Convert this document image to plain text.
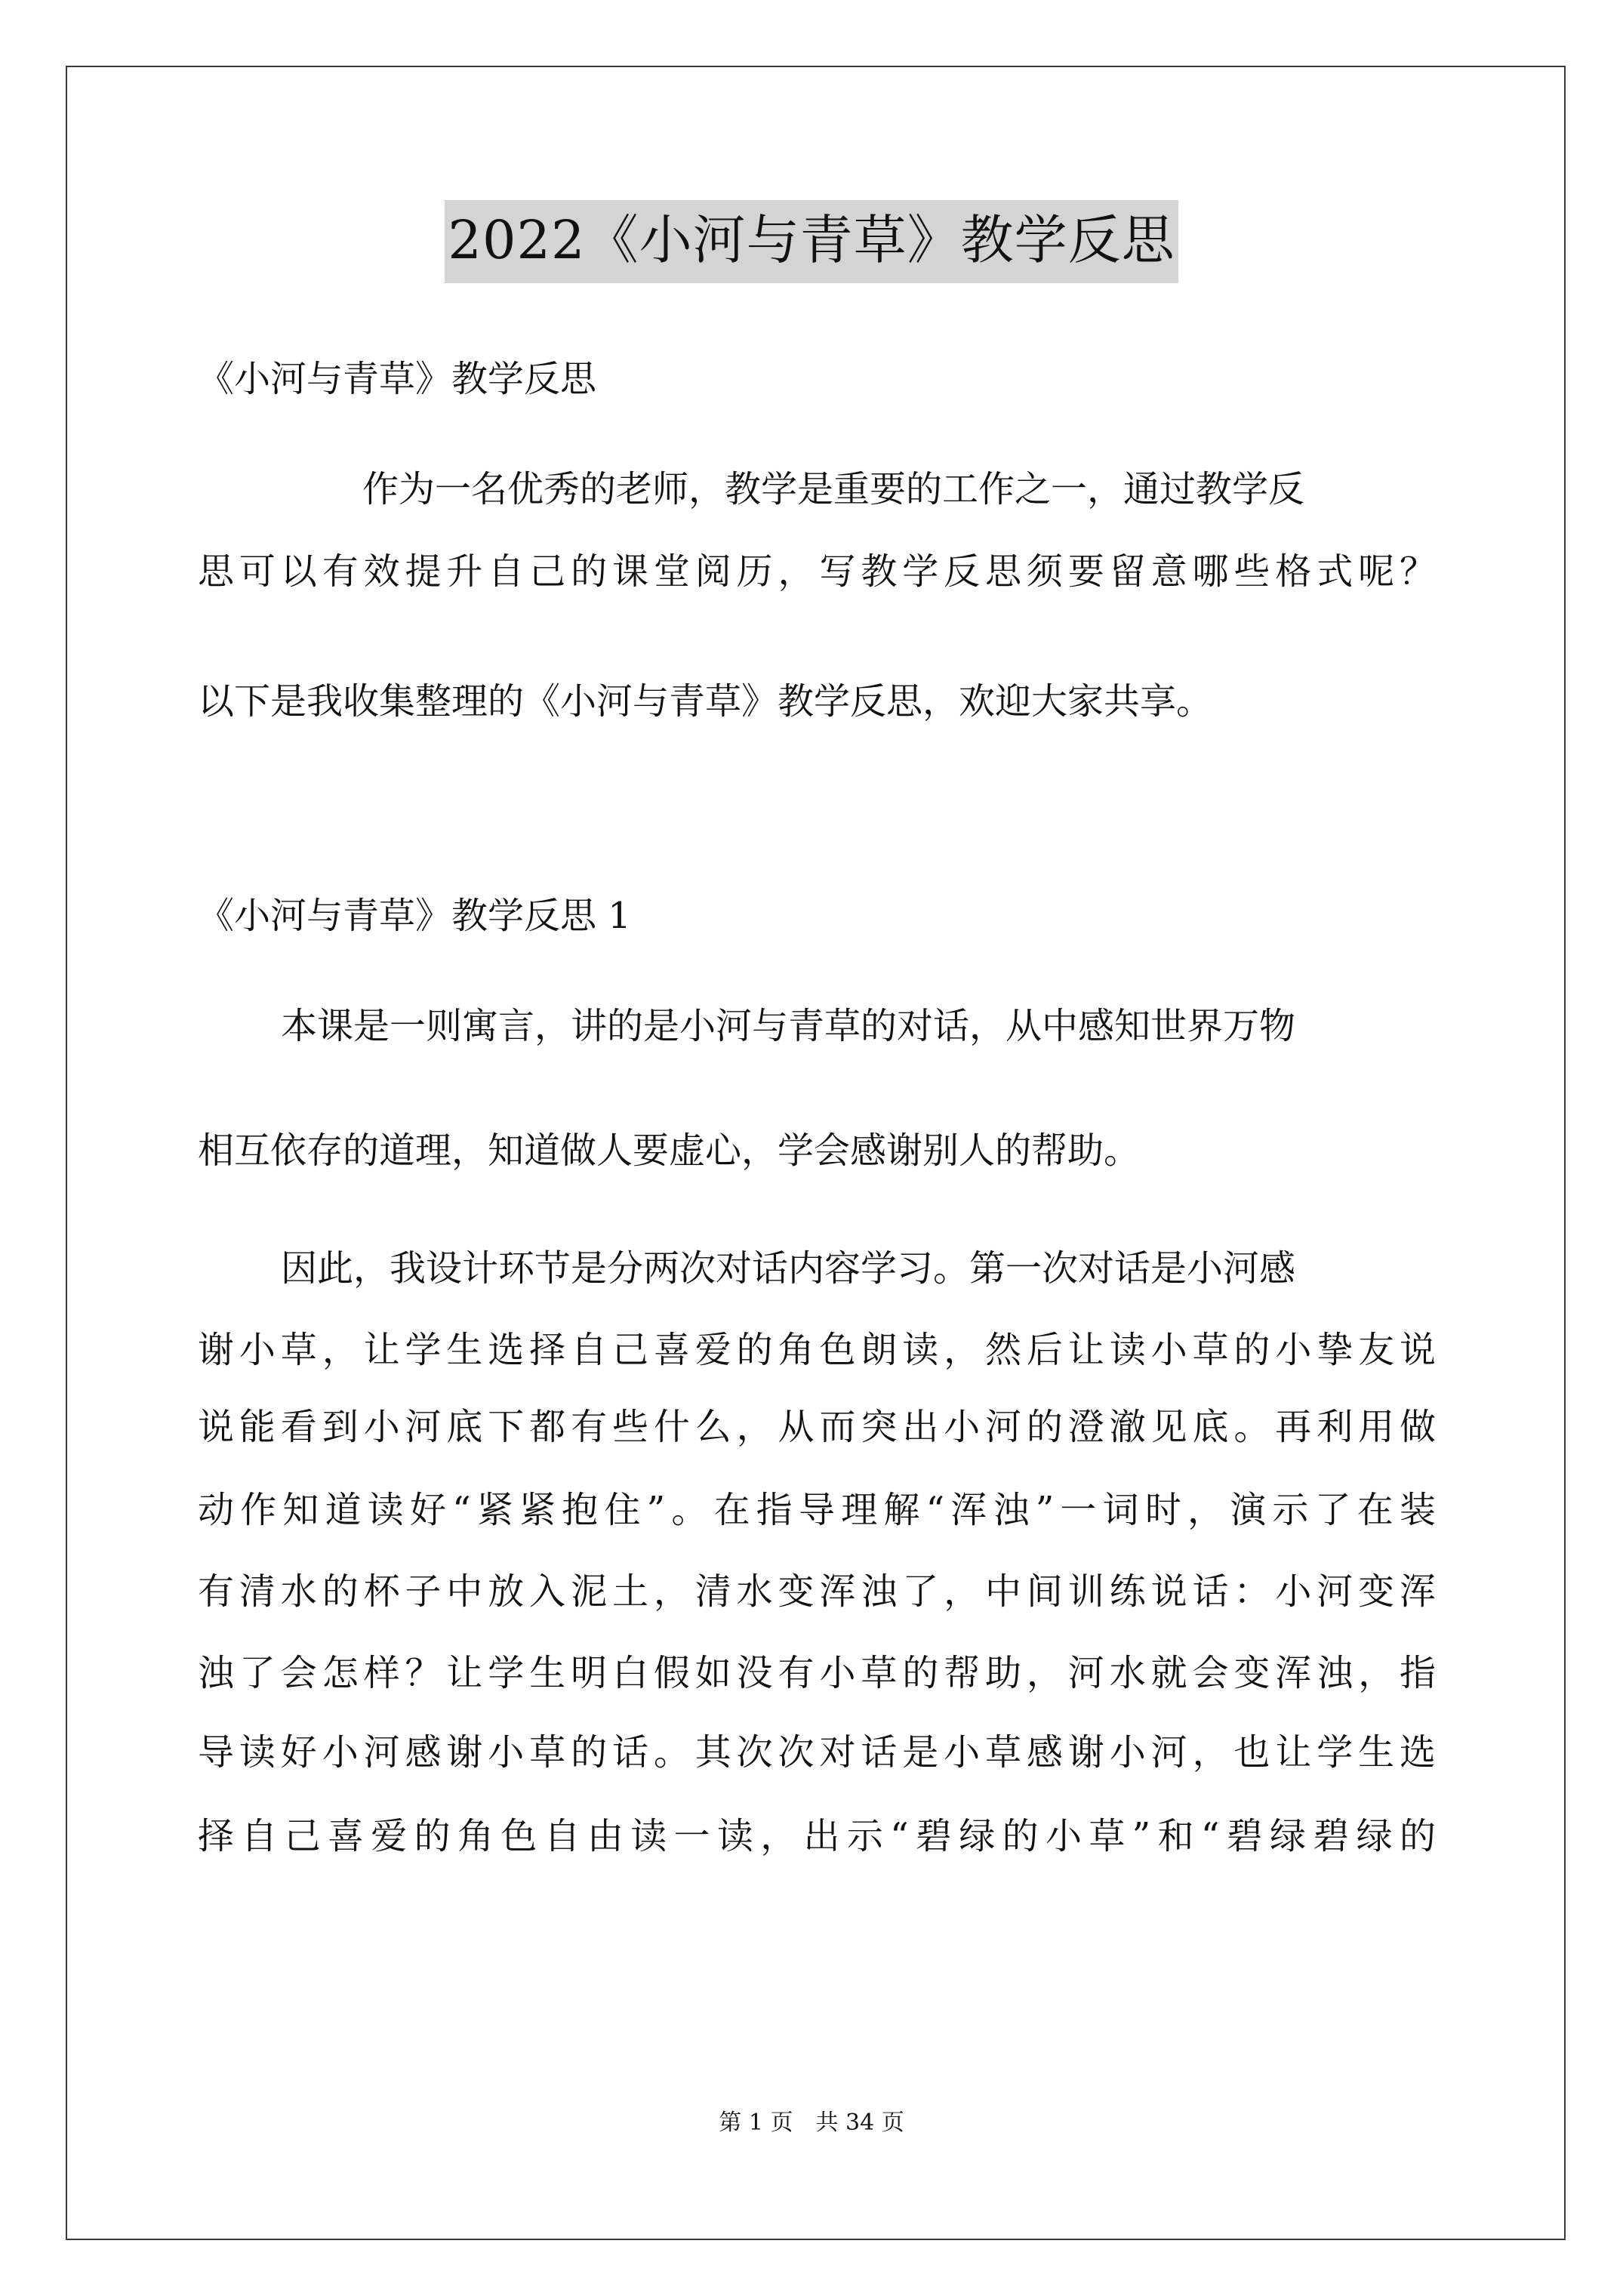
2022《小河与青草》教学反思
《小河与青草》教学反思
作为一名优秀的老师，教学是重要的工作之一，通过教学反
思可以有效提升自己的课堂阅历，写教学反思须要留意哪些格式呢？
以下是我收集整理的《小河与青草》教学反思，欢迎大家共享。
《小河与青草》教学反思 1
本课是一则寓言，讲的是小河与青草的对话，从中感知世界万物
相互依存的道理，知道做人要虚心，学会感谢别人的帮助。
因此，我设计环节是分两次对话内容学习。第一次对话是小河感
谢小草，让学生选择自己喜爱的角色朗读，然后让读小草的小挚友说
说能看到小河底下都有些什么，从而突出小河的澄澈见底。再利用做
动作知道读好“紧紧抱住”。在指导理解“浑浊”一词时，演示了在装
有清水的杯子中放入泥土，清水变浑浊了，中间训练说话：小河变浑
浊了会怎样？让学生明白假如没有小草的帮助，河水就会变浑浊，指
导读好小河感谢小草的话。其次次对话是小草感谢小河，也让学生选
择自己喜爱的角色自由读一读，出示“碧绿的小草”和“碧绿碧绿的
第 1 页　共 34 页
